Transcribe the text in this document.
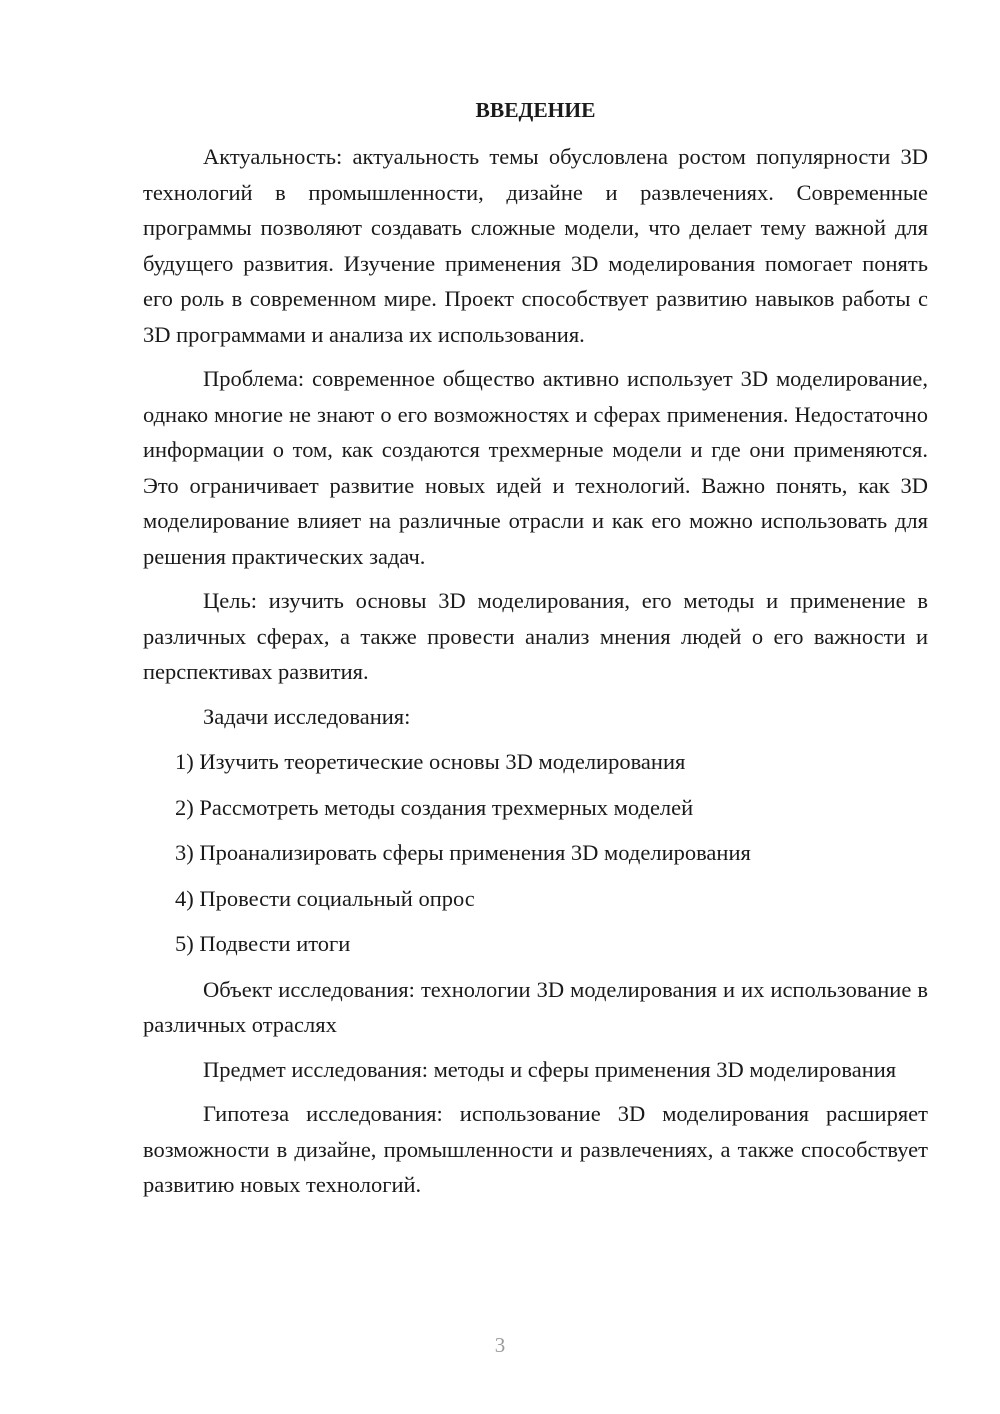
ВВЕДЕНИЕ

Актуальность: актуальность темы обусловлена ростом популярности 3D технологий в промышленности, дизайне и развлечениях. Современные программы позволяют создавать сложные модели, что делает тему важной для будущего развития. Изучение применения 3D моделирования помогает понять его роль в современном мире. Проект способствует развитию навыков работы с 3D программами и анализа их использования.

Проблема: современное общество активно использует 3D моделирование, однако многие не знают о его возможностях и сферах применения. Недостаточно информации о том, как создаются трехмерные модели и где они применяются. Это ограничивает развитие новых идей и технологий. Важно понять, как 3D моделирование влияет на различные отрасли и как его можно использовать для решения практических задач.

Цель: изучить основы 3D моделирования, его методы и применение в различных сферах, а также провести анализ мнения людей о его важности и перспективах развития.

Задачи исследования:

1) Изучить теоретические основы 3D моделирования
2) Рассмотреть методы создания трехмерных моделей
3) Проанализировать сферы применения 3D моделирования
4) Провести социальный опрос
5) Подвести итоги

Объект исследования: технологии 3D моделирования и их использование в различных отраслях

Предмет исследования: методы и сферы применения 3D моделирования

Гипотеза исследования: использование 3D моделирования расширяет возможности в дизайне, промышленности и развлечениях, а также способствует развитию новых технологий.

3
